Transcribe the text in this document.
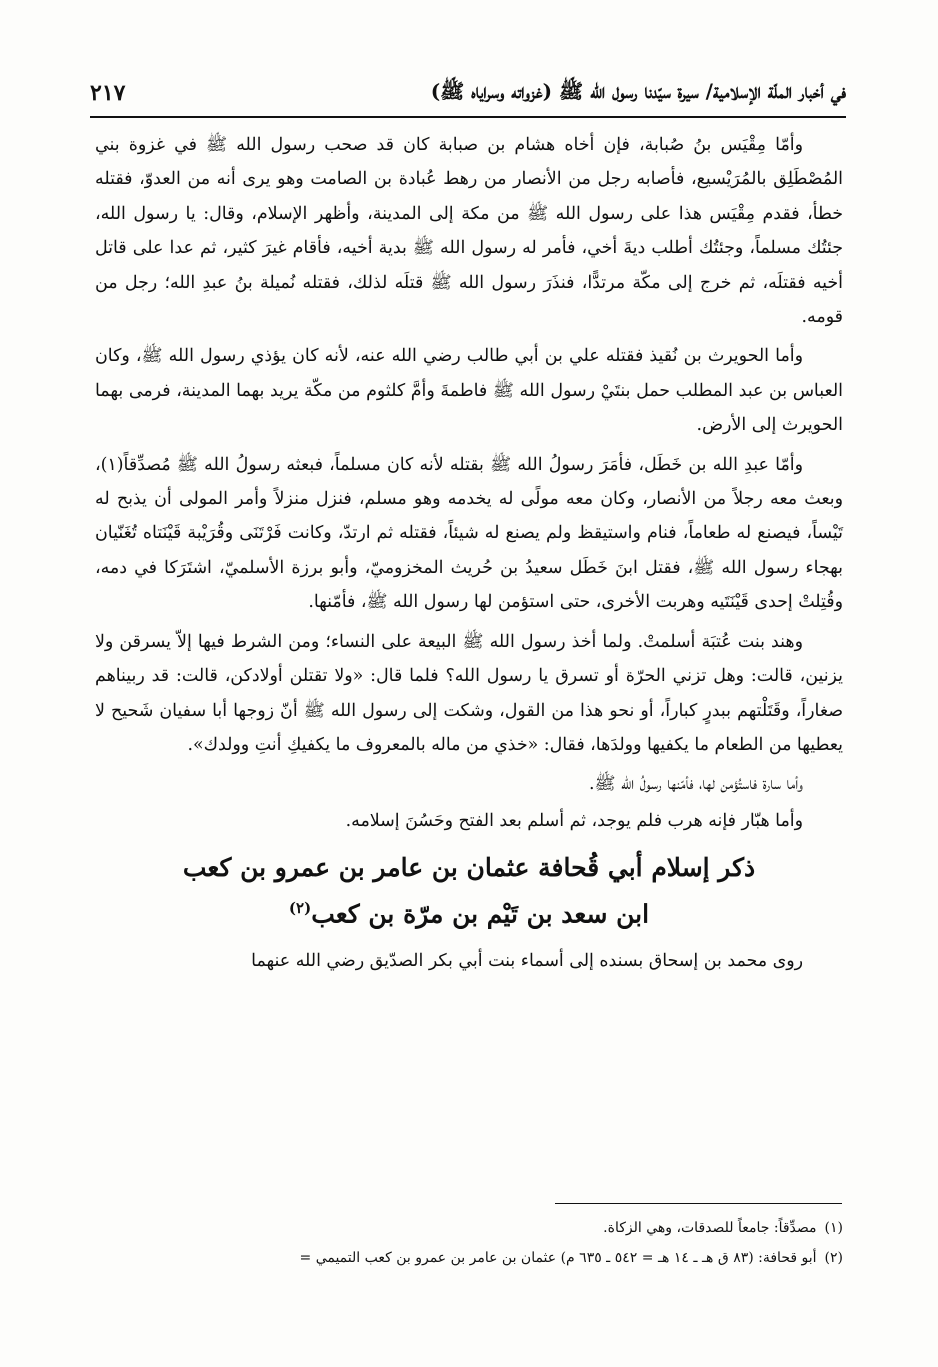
في أخبار الملّة الإسلامية/ سيرة سيّدنا رسول الله ﷺ (غزواته وسراياه ﷺ)
٢١٧

وأمّا مِقْيَس بنُ صُبابة، فإن أخاه هشام بن صبابة كان قد صحب رسول الله ﷺ في غزوة بني المُصْطَلِق بالمُرَيْسيع، فأصابه رجل من الأنصار من رهط عُبادة بن الصامت وهو يرى أنه من العدوّ، فقتله خطأ، فقدم مِقْيَس هذا على رسول الله ﷺ من مكة إلى المدينة، وأظهر الإسلام، وقال: يا رسول الله، جئتُك مسلماً، وجئتُك أطلب ديةَ أخي، فأمر له رسول الله ﷺ بدية أخيه، فأقام غيرَ كثير، ثم عدا على قاتل أخيه فقتلَه، ثم خرج إلى مكّة مرتدًّا، فنذَرَ رسول الله ﷺ قتلَه لذلك، فقتله نُميلة بنُ عبدِ الله؛ رجل من قومه.

وأما الحويرث بن نُقيذ فقتله علي بن أبي طالب رضي الله عنه، لأنه كان يؤذي رسول الله ﷺ، وكان العباس بن عبد المطلب حمل بنتَيْ رسول الله ﷺ فاطمةَ وأمَّ كلثوم من مكّة يريد بهما المدينة، فرمى بهما الحويرث إلى الأرض.

وأمّا عبدِ الله بن خَطَل، فأمَرَ رسولُ الله ﷺ بقتله لأنه كان مسلماً، فبعثه رسولُ الله ﷺ مُصدِّقاً(١)، وبعث معه رجلاً من الأنصار، وكان معه مولًى له يخدمه وهو مسلم، فنزل منزلاً وأمر المولى أن يذبح له تَيْساً، فيصنع له طعاماً، فنام واستيقظ ولم يصنع له شيئاً، فقتله ثم ارتدّ، وكانت فَرْتَنَى وقُرَيْبة قَيْنَتاه تُغَنّيان بهجاء رسول الله ﷺ، فقتل ابنَ خَطَل سعيدُ بن حُريث المخزوميّ، وأبو برزة الأسلميّ، اشتَرَكا في دمه، وقُتِلتْ إحدى قَيْنَتَيه وهربت الأخرى، حتى استؤمن لها رسول الله ﷺ، فأمّنها.

وهند بنت عُتبَة أسلمتْ. ولما أخذ رسول الله ﷺ البيعة على النساء؛ ومن الشرط فيها إلاّ يسرقن ولا يزنين، قالت: وهل تزني الحرّة أو تسرق يا رسول الله؟ فلما قال: «ولا تقتلن أولادكن، قالت: قد ربيناهم صغاراً، وقَتَلْتهم ببدرٍ كباراً، أو نحو هذا من القول، وشكت إلى رسول الله ﷺ أنّ زوجها أبا سفيان شَحيح لا يعطيها من الطعام ما يكفيها وولدَها، فقال: «خذي من ماله بالمعروف ما يكفيكِ أنتِ وولدك».

وأما سارة فاستُؤمن لها، فأمّنها رسولُ الله ﷺ.

وأما هبّار فإنه هرب فلم يوجد، ثم أسلم بعد الفتح وحَسُنَ إسلامه.

ذكر إسلام أبي قُحافة عثمان بن عامر بن عمرو بن كعب
ابن سعد بن تَيْم بن مرّة بن كعب$^{(٢)}$

روى محمد بن إسحاق بسنده إلى أسماء بنت أبي بكر الصدّيق رضي الله عنهما

(١)مصدِّقاً: جامعاً للصدقات، وهي الزكاة.
(٢)أبو قحافة: (٨٣ ق هـ ـ ١٤ هـ = ٥٤٢ ـ ٦٣٥ م) عثمان بن عامر بن عمرو بن كعب التميمي =
